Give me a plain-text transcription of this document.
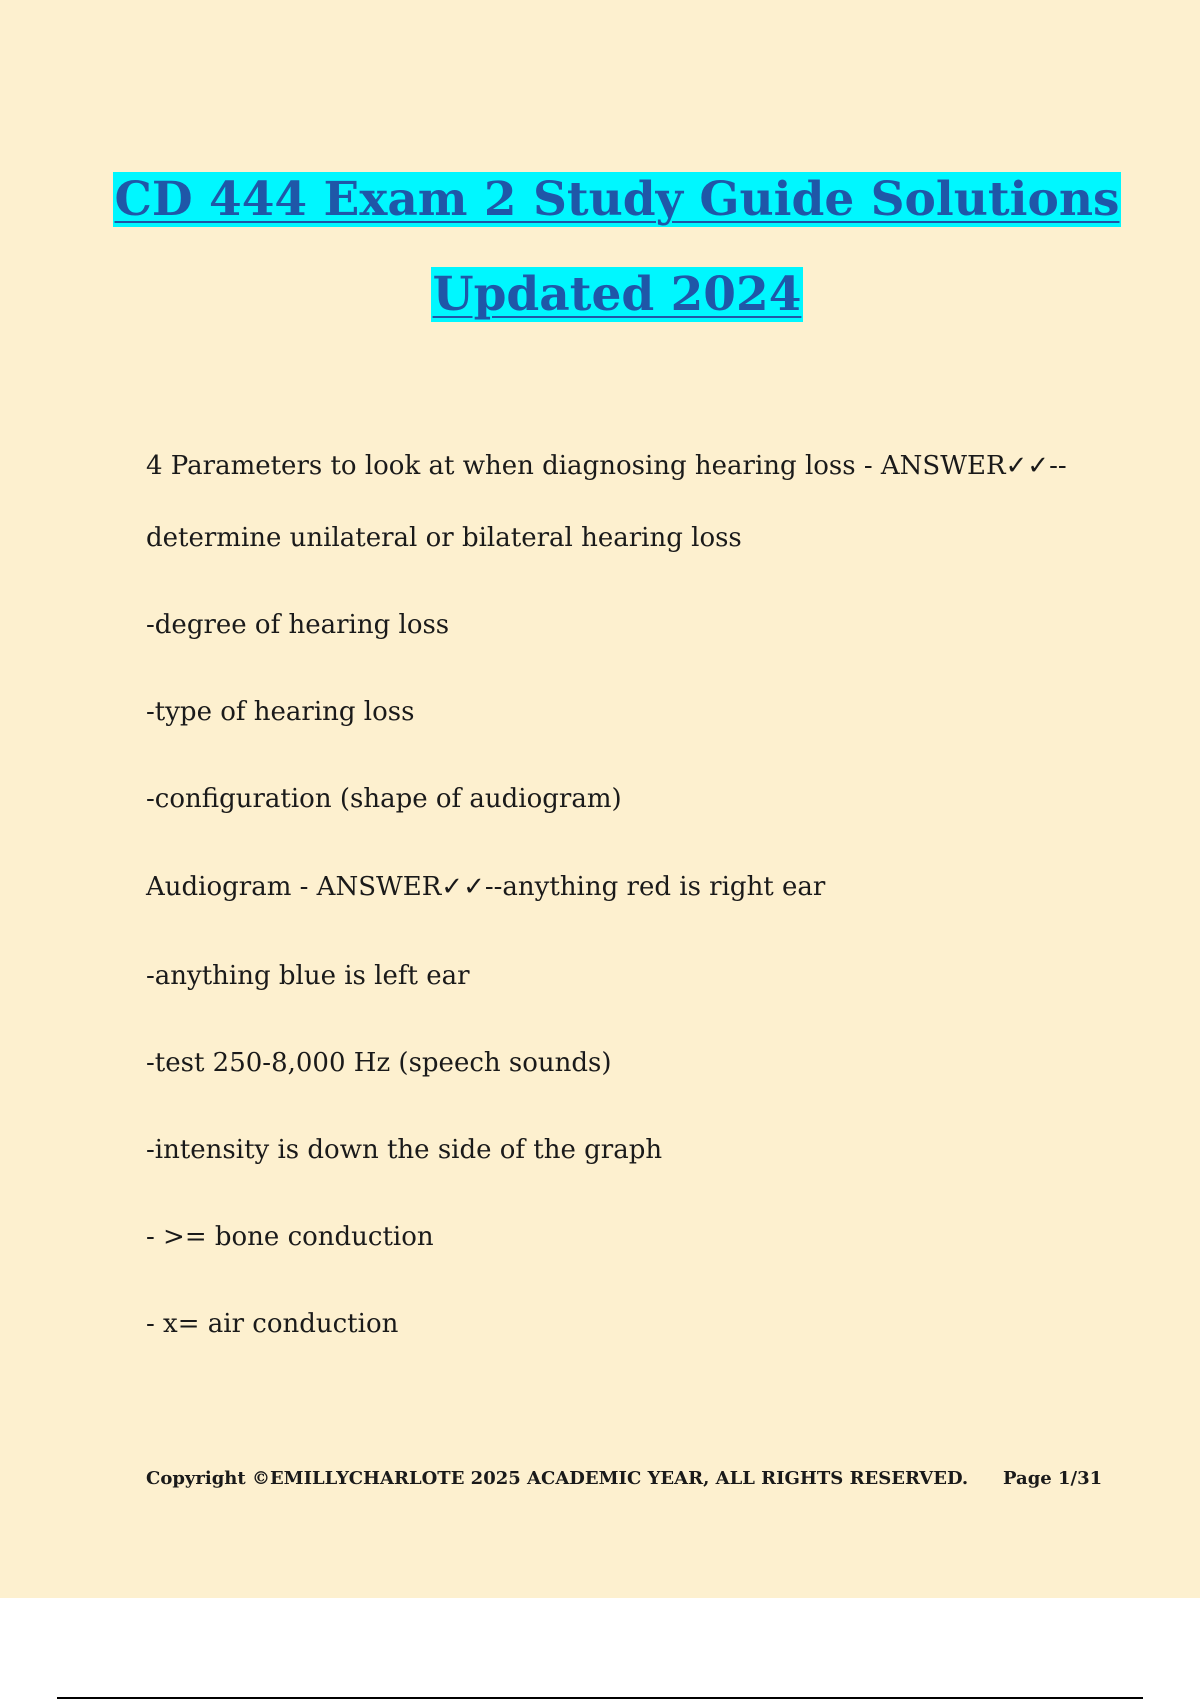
CD 444 Exam 2 Study Guide Solutions
Updated 2024
4 Parameters to look at when diagnosing hearing loss - ANSWER✓✓--
determine unilateral or bilateral hearing loss
-degree of hearing loss
-type of hearing loss
-configuration (shape of audiogram)
Audiogram - ANSWER✓✓--anything red is right ear
-anything blue is left ear
-test 250-8,000 Hz (speech sounds)
-intensity is down the side of the graph
- >= bone conduction
- x= air conduction
Copyright ©EMILLYCHARLOTE 2025 ACADEMIC YEAR, ALL RIGHTS RESERVED. Page 1/31
